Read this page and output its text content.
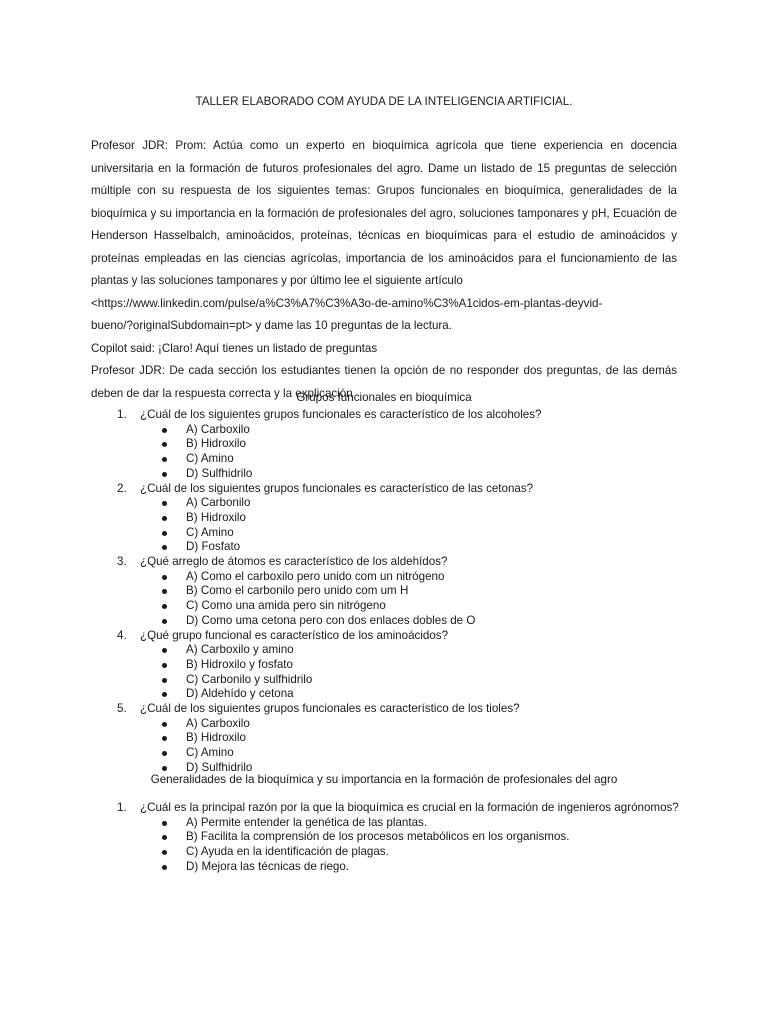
TALLER ELABORADO COM AYUDA DE LA INTELIGENCIA ARTIFICIAL.

Profesor JDR: Prom: Actúa como un experto en bioquímica agrícola que tiene experiencia en docencia universitaria en la formación de futuros profesionales del agro. Dame un listado de 15 preguntas de selección múltiple con su respuesta de los siguientes temas: Grupos funcionales en bioquímica, generalidades de la bioquímica y su importancia en la formación de profesionales del agro, soluciones tamponares y pH, Ecuación de Henderson Hasselbalch, aminoácidos, proteínas, técnicas en bioquímicas para el estudio de aminoácidos y proteínas empleadas en las ciencias agrícolas, importancia de los aminoácidos para el funcionamiento de las plantas y las soluciones tamponares y por último lee el siguiente artículo

<https://www.linkedin.com/pulse/a%C3%A7%C3%A3o-de-amino%C3%A1cidos-em-plantas-deyvid-

bueno/?originalSubdomain=pt> y dame las 10 preguntas de la lectura.

Copilot said: ¡Claro! Aquí tienes un listado de preguntas

Profesor JDR: De cada sección los estudiantes tienen la opción de no responder dos preguntas, de las demás deben de dar la respuesta correcta y la explicación

Grupos funcionales en bioquímica
1. ¿Cuál de los siguientes grupos funcionales es característico de los alcoholes?
A) Carboxilo
B) Hidroxilo
C) Amino
D) Sulfhidrilo
2. ¿Cuál de los siguientes grupos funcionales es característico de las cetonas?
A) Carbonilo
B) Hidroxilo
C) Amino
D) Fosfato
3. ¿Qué arreglo de átomos es característico de los aldehídos?
A) Como el carboxilo pero unido com un nitrógeno
B) Como el carbonilo pero unido com um H
C) Como una amida pero sin nitrógeno
D) Como uma cetona pero con dos enlaces dobles de O
4. ¿Qué grupo funcional es característico de los aminoácidos?
A) Carboxilo y amino
B) Hidroxilo y fosfato
C) Carbonilo y sulfhidrilo
D) Aldehído y cetona
5. ¿Cuál de los siguientes grupos funcionales es característico de los tioles?
A) Carboxilo
B) Hidroxilo
C) Amino
D) Sulfhidrilo
Generalidades de la bioquímica y su importancia en la formación de profesionales del agro
1. ¿Cuál es la principal razón por la que la bioquímica es crucial en la formación de ingenieros agrónomos?
A) Permite entender la genética de las plantas.
B) Facilita la comprensión de los procesos metabólicos en los organismos.
C) Ayuda en la identificación de plagas.
D) Mejora las técnicas de riego.
